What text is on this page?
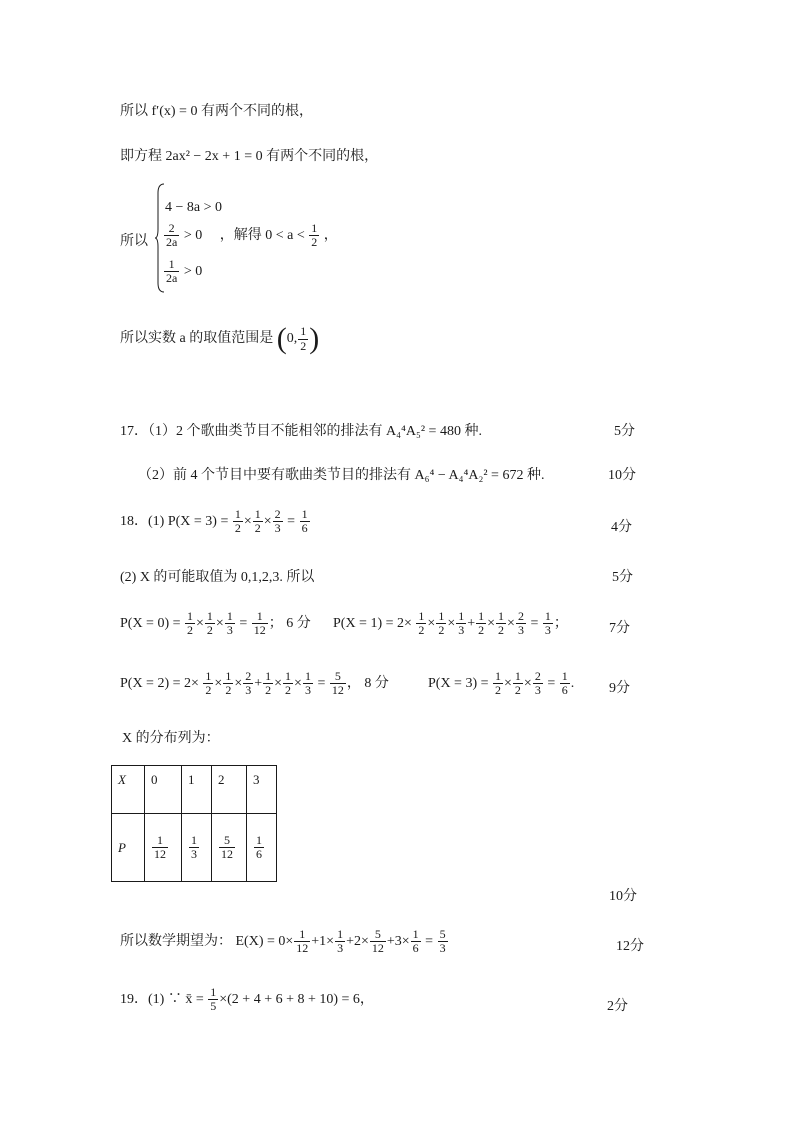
所以 f′(x) = 0 有两个不同的根，
即方程 2ax² − 2x + 1 = 0 有两个不同的根，
所以
4 − 8a > 0
$\frac{2}{2a} > 0$ ，解得 $0 < a < \frac{1}{2}$ ，
$\frac{1}{2a} > 0$
所以实数 a 的取值范围是 (0, $\frac{1}{2}$ )
17．（1）2 个歌曲类节目不能相邻的排法有 A₄⁴A₅² = 480 种.	5分
（2）前 4 个节目中要有歌曲类节目的排法有 A₆⁴ − A₄⁴A₂² = 672 种.	10分
18．(1) $P(X = 3) = \frac{1}{2} \times \frac{1}{2} \times \frac{2}{3} = \frac{1}{6}$	4分
(2) X 的可能取值为 0,1,2,3. 所以	5分
$P(X = 0) = \frac{1}{2} \times \frac{1}{2} \times \frac{1}{3} = \frac{1}{12}$ ； 6 分 $P(X = 1) = 2\times \frac{1}{2} \times \frac{1}{2} \times \frac{1}{3} + \frac{1}{2} \times \frac{1}{2} \times \frac{2}{3} = \frac{1}{3}$ ；	7分
$P(X = 2) = 2\times \frac{1}{2} \times \frac{1}{2} \times \frac{2}{3} + \frac{1}{2} \times \frac{1}{2} \times \frac{1}{3} = \frac{5}{12}$ ， 8 分	$P(X = 3) = \frac{1}{2} \times \frac{1}{2} \times \frac{2}{3} = \frac{1}{6}$ . 9分
X 的分布列为：
X	0	1	2	3
P	$\frac{1}{12}$	$\frac{1}{3}$	$\frac{5}{12}$	$\frac{1}{6}$
10分
所以数学期望为： $E(X) = 0\times \frac{1}{12} +1\times \frac{1}{3} +2\times \frac{5}{12} +3\times \frac{1}{6} = \frac{5}{3}$	12分
19．(1) ∵ x̄ = $\frac{1}{5} \times(2 + 4 + 6 + 8 + 10) = 6$，	2分
